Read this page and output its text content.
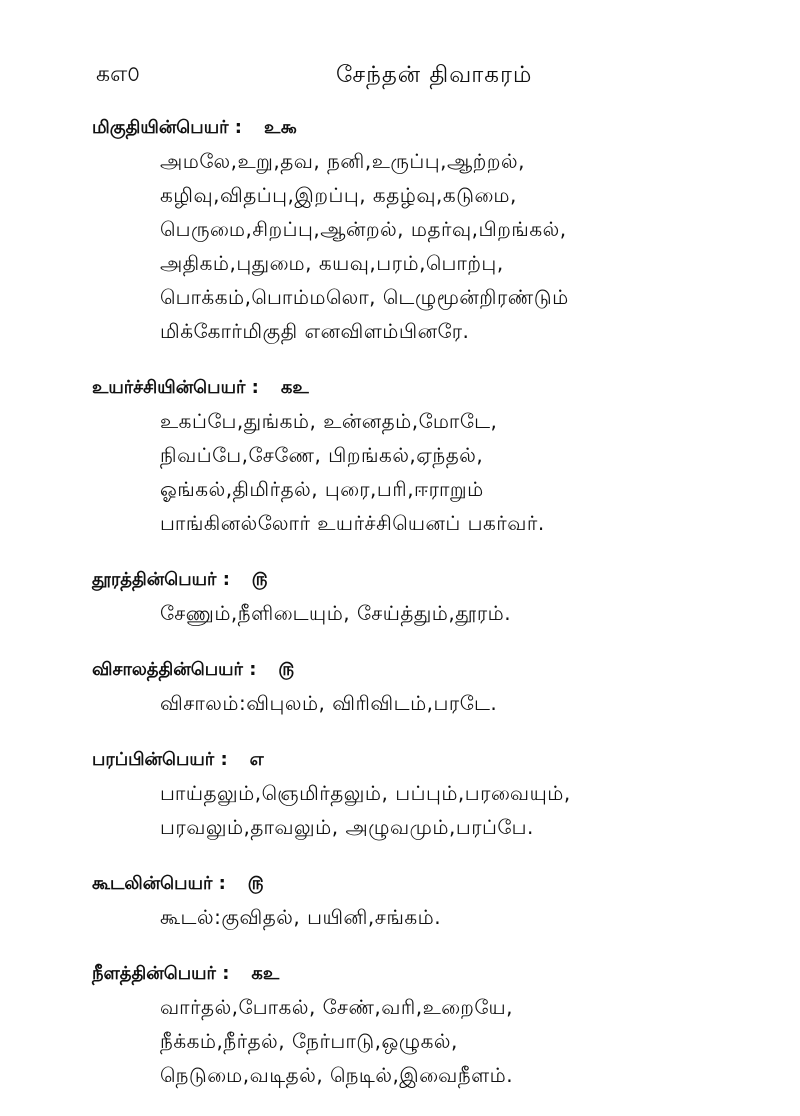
கஎ௦	சேந்தன் திவாகரம்
மிகுதியின்பெயர் : உ௯
அமலே,உறு,தவ, நனி,உருப்பு,ஆற்றல்,
கழிவு,விதப்பு,இறப்பு, கதழ்வு,கடுமை,
பெருமை,சிறப்பு,ஆன்றல், மதர்வு,பிறங்கல்,
அதிகம்,புதுமை, கயவு,பரம்,பொற்பு,
பொக்கம்,பொம்மலொ, டெழுமூன்றிரண்டும்
மிக்கோர்மிகுதி எனவிளம்பினரே.
உயர்ச்சியின்பெயர் : கஉ
உகப்பே,துங்கம், உன்னதம்,மோடே,
நிவப்பே,சேணே, பிறங்கல்,ஏந்தல்,
ஓங்கல்,திமிர்தல், புரை,பரி,ஈராறும்
பாங்கினல்லோர் உயர்ச்சியெனப் பகர்வர்.
தூரத்தின்பெயர் : ௫
சேணும்,நீளிடையும், சேய்த்தும்,தூரம்.
விசாலத்தின்பெயர் : ௫
விசாலம்:விபுலம், விரிவிடம்,பரடே.
பரப்பின்பெயர் : எ
பாய்தலும்,ஞெமிர்தலும், பப்பும்,பரவையும்,
பரவலும்,தாவலும், அழுவமும்,பரப்பே.
கூடலின்பெயர் : ௫
கூடல்:குவிதல், பயினி,சங்கம்.
நீளத்தின்பெயர் : கஉ
வார்தல்,போகல், சேண்,வரி,உறையே,
நீக்கம்,நீர்தல், நேர்பாடு,ஒழுகல்,
நெடுமை,வடிதல், நெடில்,இவைநீளம்.
